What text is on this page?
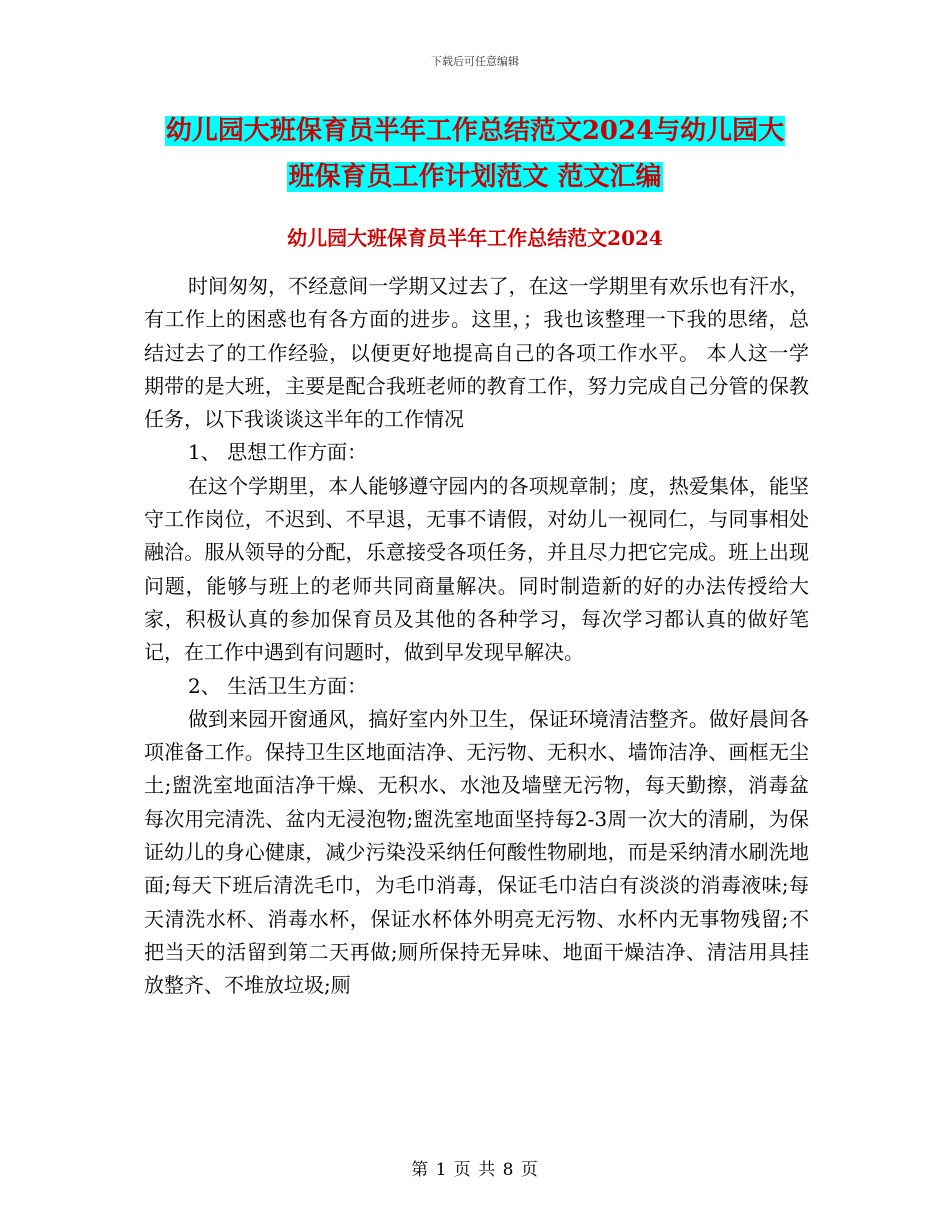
下载后可任意编辑
幼儿园大班保育员半年工作总结范文2024与幼儿园大
班保育员工作计划范文 范文汇编
幼儿园大班保育员半年工作总结范文2024

时间匆匆，不经意间一学期又过去了，在这一学期里有欢乐也有汗水，有工作上的困惑也有各方面的进步。这里，；我也该整理一下我的思绪，总结过去了的工作经验，以便更好地提高自己的各项工作水平。 本人这一学期带的是大班，主要是配合我班老师的教育工作，努力完成自己分管的保教任务，以下我谈谈这半年的工作情况

1、 思想工作方面：

在这个学期里，本人能够遵守园内的各项规章制；度，热爱集体，能坚守工作岗位，不迟到、不早退，无事不请假，对幼儿一视同仁，与同事相处融洽。服从领导的分配，乐意接受各项任务，并且尽力把它完成。班上出现问题，能够与班上的老师共同商量解决。同时制造新的好的办法传授给大家，积极认真的参加保育员及其他的各种学习，每次学习都认真的做好笔记，在工作中遇到有问题时，做到早发现早解决。

2、 生活卫生方面：

做到来园开窗通风，搞好室内外卫生，保证环境清洁整齐。做好晨间各项准备工作。保持卫生区地面洁净、无污物、无积水、墙饰洁净、画框无尘土;盥洗室地面洁净干燥、无积水、水池及墙壁无污物，每天勤擦，消毒盆每次用完清洗、盆内无浸泡物;盥洗室地面坚持每2-3周一次大的清刷，为保证幼儿的身心健康，减少污染没采纳任何酸性物刷地，而是采纳清水刷洗地面;每天下班后清洗毛巾，为毛巾消毒，保证毛巾洁白有淡淡的消毒液味;每天清洗水杯、消毒水杯，保证水杯体外明亮无污物、水杯内无事物残留;不把当天的活留到第二天再做;厕所保持无异味、地面干燥洁净、清洁用具挂放整齐、不堆放垃圾;厕

第 1 页 共 8 页
